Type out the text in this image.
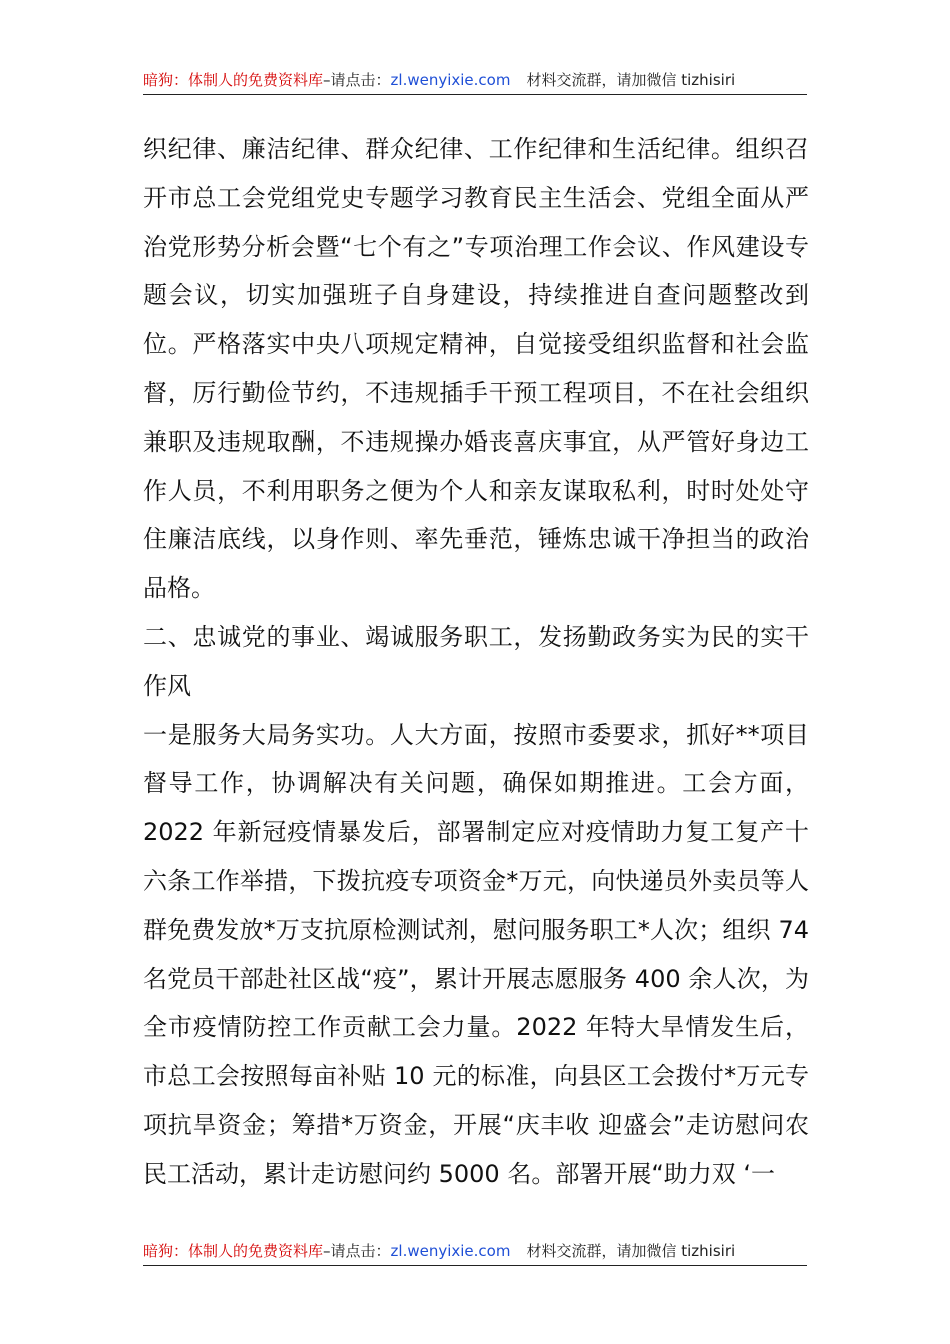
暗狗：体制人的免费资料库–请点击：zl.wenyixie.com 材料交流群，请加微信 tizhisiri

织纪律、廉洁纪律、群众纪律、工作纪律和生活纪律。组织召开市总工会党组党史专题学习教育民主生活会、党组全面从严治党形势分析会暨“七个有之”专项治理工作会议、作风建设专题会议，切实加强班子自身建设，持续推进自查问题整改到位。严格落实中央八项规定精神，自觉接受组织监督和社会监督，厉行勤俭节约，不违规插手干预工程项目，不在社会组织兼职及违规取酬，不违规操办婚丧喜庆事宜，从严管好身边工作人员，不利用职务之便为个人和亲友谋取私利，时时处处守住廉洁底线，以身作则、率先垂范，锤炼忠诚干净担当的政治品格。

二、忠诚党的事业、竭诚服务职工，发扬勤政务实为民的实干作风

一是服务大局务实功。人大方面，按照市委要求，抓好**项目督导工作，协调解决有关问题，确保如期推进。工会方面，2022 年新冠疫情暴发后，部署制定应对疫情助力复工复产十六条工作举措，下拨抗疫专项资金*万元，向快递员外卖员等人群免费发放*万支抗原检测试剂，慰问服务职工*人次；组织 74 名党员干部赴社区战“疫”，累计开展志愿服务 400 余人次，为全市疫情防控工作贡献工会力量。2022 年特大旱情发生后，市总工会按照每亩补贴 10 元的标准，向县区工会拨付*万元专项抗旱资金；筹措*万资金，开展“庆丰收 迎盛会”走访慰问农民工活动，累计走访慰问约 5000 名。部署开展“助力双 ‘一

暗狗：体制人的免费资料库–请点击：zl.wenyixie.com 材料交流群，请加微信 tizhisiri
